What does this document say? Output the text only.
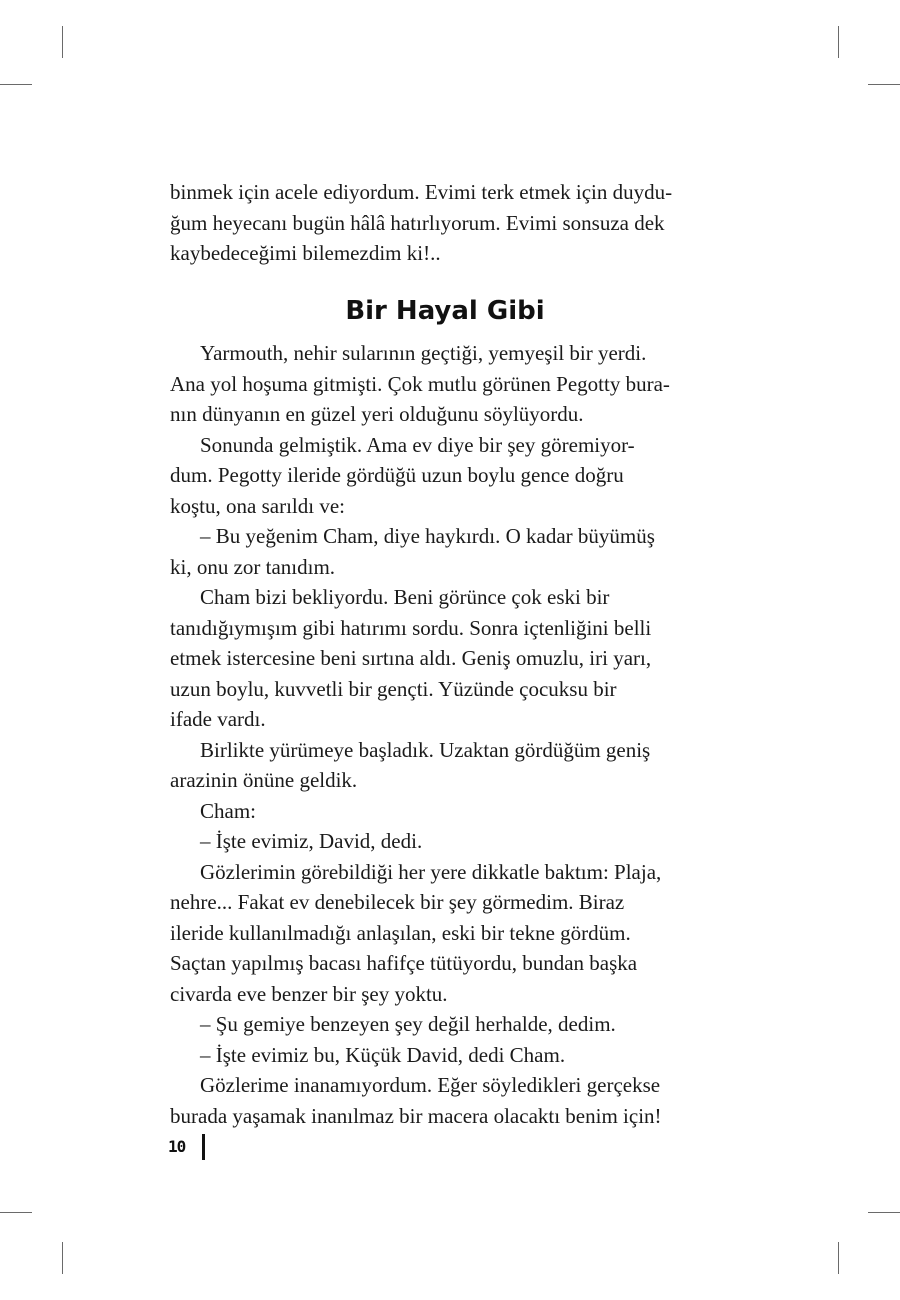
binmek için acele ediyordum. Evimi terk etmek için duydu-
ğum heyecanı bugün hâlâ hatırlıyorum. Evimi sonsuza dek
kaybedeceğimi bilemezdim ki!..

Bir Hayal Gibi

Yarmouth, nehir sularının geçtiği, yemyeşil bir yerdi.
Ana yol hoşuma gitmişti. Çok mutlu görünen Pegotty bura-
nın dünyanın en güzel yeri olduğunu söylüyordu.

Sonunda gelmiştik. Ama ev diye bir şey göremiyor-
dum. Pegotty ileride gördüğü uzun boylu gence doğru
koştu, ona sarıldı ve:

– Bu yeğenim Cham, diye haykırdı. O kadar büyümüş
ki, onu zor tanıdım.

Cham bizi bekliyordu. Beni görünce çok eski bir
tanıdığıymışım gibi hatırımı sordu. Sonra içtenliğini belli
etmek istercesine beni sırtına aldı. Geniş omuzlu, iri yarı,
uzun boylu, kuvvetli bir gençti. Yüzünde çocuksu bir
ifade vardı.

Birlikte yürümeye başladık. Uzaktan gördüğüm geniş
arazinin önüne geldik.

Cham:

– İşte evimiz, David, dedi.

Gözlerimin görebildiği her yere dikkatle baktım: Plaja,
nehre... Fakat ev denebilecek bir şey görmedim. Biraz
ileride kullanılmadığı anlaşılan, eski bir tekne gördüm.
Saçtan yapılmış bacası hafifçe tütüyordu, bundan başka
civarda eve benzer bir şey yoktu.

– Şu gemiye benzeyen şey değil herhalde, dedim.

– İşte evimiz bu, Küçük David, dedi Cham.

Gözlerime inanamıyordum. Eğer söyledikleri gerçekse
burada yaşamak inanılmaz bir macera olacaktı benim için!

10
